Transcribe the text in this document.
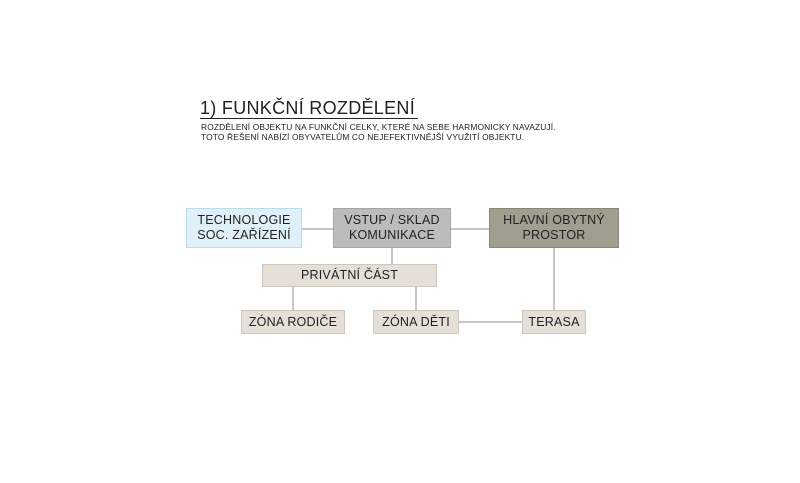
1) FUNKČNÍ ROZDĚLENÍ
ROZDĚLENÍ OBJEKTU NA FUNKČNÍ CELKY, KTERÉ NA SEBE HARMONICKY NAVAZUJÍ.
TOTO ŘEŠENÍ NABÍZÍ OBYVATELŮM CO NEJEFEKTIVNĚJŠÍ VYUŽITÍ OBJEKTU.
TECHNOLOGIE
SOC. ZAŘÍZENÍ
VSTUP / SKLAD
KOMUNIKACE
HLAVNÍ OBYTNÝ
PROSTOR
PRIVÁTNÍ ČÁST
ZÓNA RODIČE	ZÓNA DĚTI	TERASA
